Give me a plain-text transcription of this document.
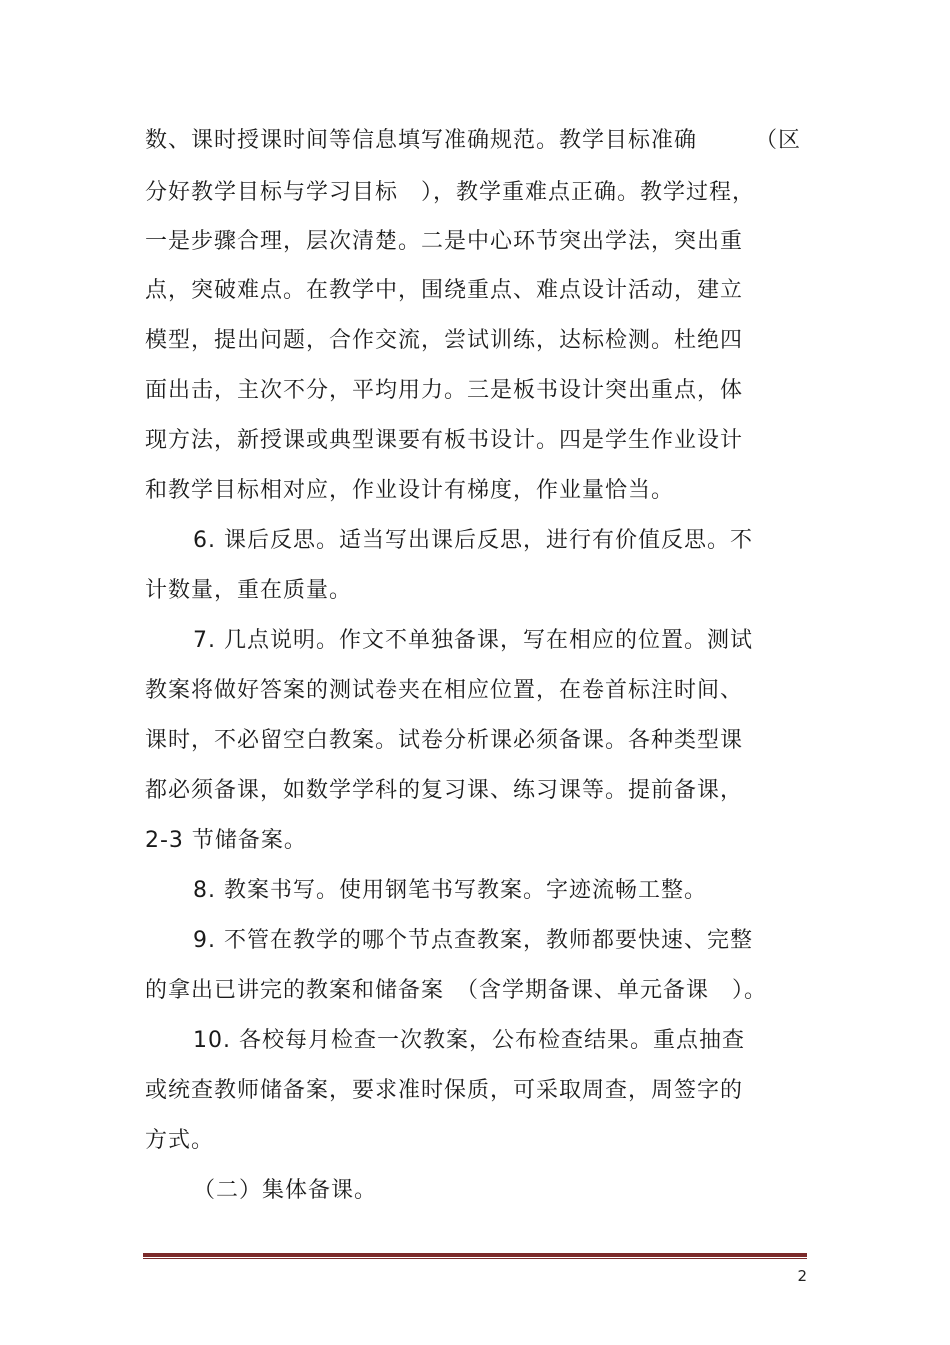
数、课时授课时间等信息填写准确规范。教学目标准确　　　（区
分好教学目标与学习目标　），教学重难点正确。教学过程，
一是步骤合理，层次清楚。二是中心环节突出学法，突出重
点，突破难点。在教学中，围绕重点、难点设计活动，建立
模型，提出问题，合作交流，尝试训练，达标检测。杜绝四
面出击，主次不分，平均用力。三是板书设计突出重点，体
现方法，新授课或典型课要有板书设计。四是学生作业设计
和教学目标相对应，作业设计有梯度，作业量恰当。
6. 课后反思。适当写出课后反思，进行有价值反思。不
计数量，重在质量。
7. 几点说明。作文不单独备课，写在相应的位置。测试
教案将做好答案的测试卷夹在相应位置，在卷首标注时间、
课时，不必留空白教案。试卷分析课必须备课。各种类型课
都必须备课，如数学学科的复习课、练习课等。提前备课，
2-3 节储备案。
8. 教案书写。使用钢笔书写教案。字迹流畅工整。
9. 不管在教学的哪个节点查教案，教师都要快速、完整
的拿出已讲完的教案和储备案　（含学期备课、单元备课　）。
10. 各校每月检查一次教案，公布检查结果。重点抽查
或统查教师储备案，要求准时保质，可采取周查，周签字的
方式。
（二）集体备课。
2
